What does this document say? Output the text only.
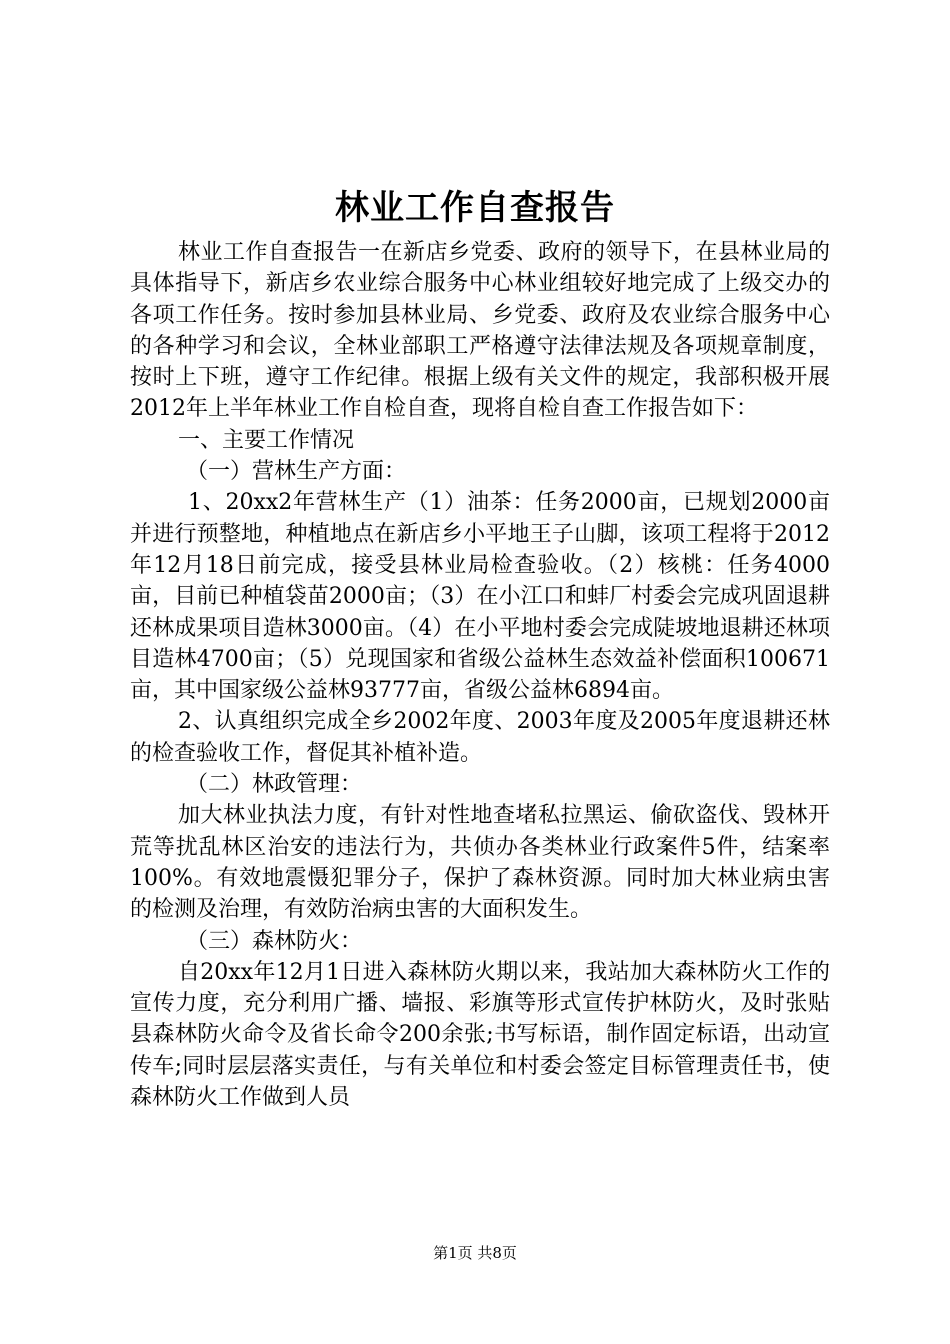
林业工作自查报告

林业工作自查报告一在新店乡党委、政府的领导下，在县林业局的具体指导下，新店乡农业综合服务中心林业组较好地完成了上级交办的各项工作任务。按时参加县林业局、乡党委、政府及农业综合服务中心的各种学习和会议，全林业部职工严格遵守法律法规及各项规章制度，按时上下班，遵守工作纪律。根据上级有关文件的规定，我部积极开展2012年上半年林业工作自检自查，现将自检自查工作报告如下：

一、主要工作情况

（一）营林生产方面：

1、20xx2年营林生产（1）油茶：任务2000亩，已规划2000亩并进行预整地，种植地点在新店乡小平地王子山脚，该项工程将于2012年12月18日前完成，接受县林业局检查验收。（2）核桃：任务4000亩，目前已种植袋苗2000亩；（3）在小江口和蚌厂村委会完成巩固退耕还林成果项目造林3000亩。（4）在小平地村委会完成陡坡地退耕还林项目造林4700亩；（5）兑现国家和省级公益林生态效益补偿面积100671亩，其中国家级公益林93777亩，省级公益林6894亩。

2、认真组织完成全乡2002年度、2003年度及2005年度退耕还林的检查验收工作，督促其补植补造。

（二）林政管理：

加大林业执法力度，有针对性地查堵私拉黑运、偷砍盗伐、毁林开荒等扰乱林区治安的违法行为，共侦办各类林业行政案件5件，结案率100%。有效地震慑犯罪分子，保护了森林资源。同时加大林业病虫害的检测及治理，有效防治病虫害的大面积发生。

（三）森林防火：

自20xx年12月1日进入森林防火期以来，我站加大森林防火工作的宣传力度，充分利用广播、墙报、彩旗等形式宣传护林防火，及时张贴县森林防火命令及省长命令200余张;书写标语，制作固定标语，出动宣传车;同时层层落实责任，与有关单位和村委会签定目标管理责任书，使森林防火工作做到人员

第1页 共8页
